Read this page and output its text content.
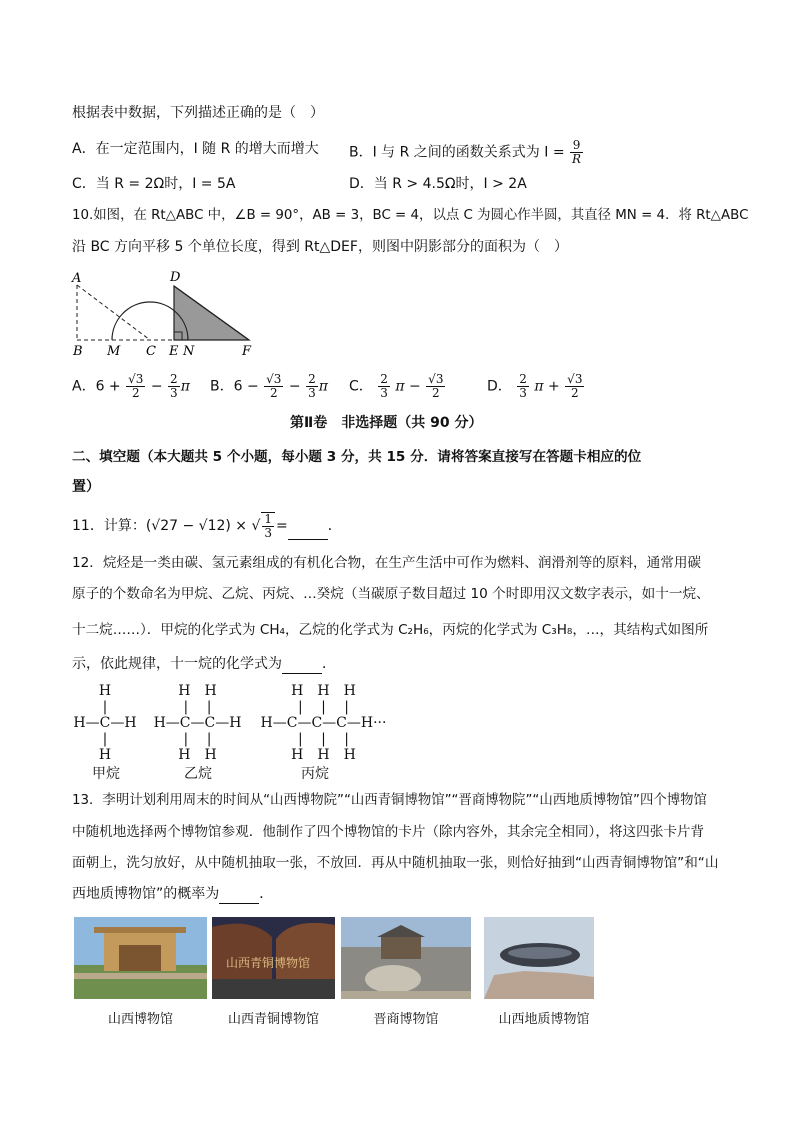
根据表中数据，下列描述正确的是（　）
A．在一定范围内，I 随 R 的增大而增大 B．I 与 R 之间的函数关系式为 $I = \frac{9}{R}$
C．当 R = 2Ω时，I = 5A	D．当 R > 4.5Ω时，I > 2A
10.如图，在 Rt△ABC 中，∠B = 90°，AB = 3，BC = 4，以点 C 为圆心作半圆，其直径 MN = 4．将 Rt△ABC
沿 BC 方向平移 5 个单位长度，得到 Rt△DEF，则图中阴影部分的面积为（　）
A	D
B M C E N	F
A．$6 + \frac{√3}{2} - \frac{2}{3}$ π B．$6 - \frac{√3}{2} - \frac{2}{3}$ π C． $\frac{2}{3}$ $\pi - \frac{√3}{2}$	D． $\frac{2}{3}$ $\pi + \frac{√3}{2}$
第Ⅱ卷　非选择题（共 90 分）
二、填空题（本大题共 5 个小题，每小题 3 分，共 15 分．请将答案直接写在答题卡相应的位
置）
11．计算：(√27 − √12) × √ $\frac{1}{3}$ =	．
12．烷烃是一类由碳、氢元素组成的有机化合物，在生产生活中可作为燃料、润滑剂等的原料，通常用碳
原子的个数命名为甲烷、乙烷、丙烷、…癸烷（当碳原子数目超过 10 个时即用汉文数字表示，如十一烷、
十二烷……）．甲烷的化学式为 CH₄，乙烷的化学式为 C₂H₆，丙烷的化学式为 C₃H₈，…，其结构式如图所
示，依此规律，十一烷的化学式为	．
H
|
H—C—H
|
H
甲烷
H　H
|　 |
H—C—C—H
|　 |
H　H
乙烷
H　H　H
|　 |　 |
H—C—C—C—H···
|　 |　 |
H　H　H
丙烷
13．李明计划利用周末的时间从“山西博物院”“山西青铜博物馆”“晋商博物院”“山西地质博物馆”四个博物馆
中随机地选择两个博物馆参观．他制作了四个博物馆的卡片（除内容外，其余完全相同），将这四张卡片背
面朝上，洗匀放好，从中随机抽取一张，不放回．再从中随机抽取一张，则恰好抽到“山西青铜博物馆”和“山
西地质博物馆”的概率为	．
山西青铜博物馆
山西博物馆	山西青铜博物馆	晋商博物馆	山西地质博物馆
